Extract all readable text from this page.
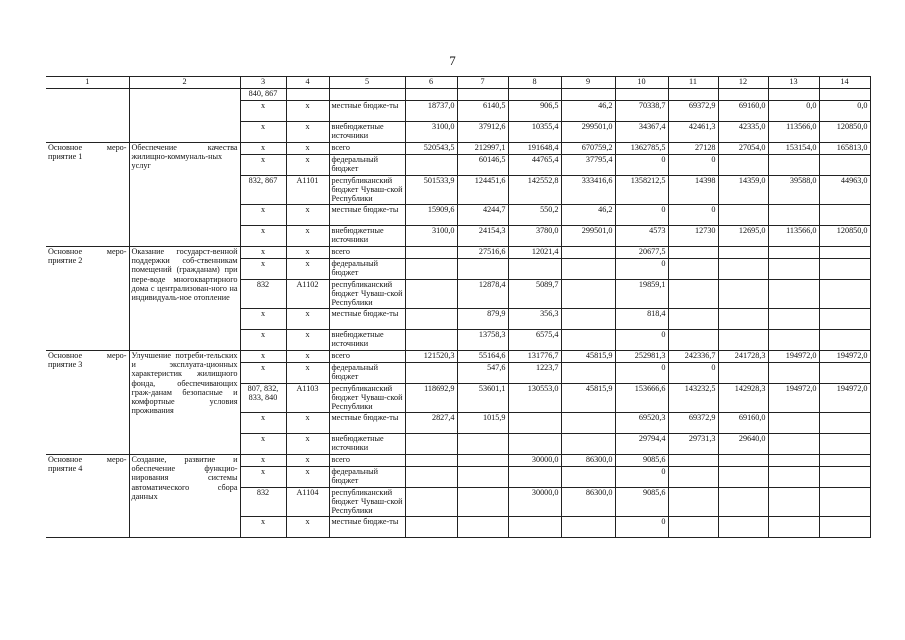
7
1	2	3	4	5	6	7	8	9	10	11	12	13	14
		840, 867											
		х	х	местные бюдже-ты	18737,0	6140,5	906,5	46,2	70338,7	69372,9	69160,0	0,0	0,0
		х	х	внебюджетные источники	3100,0	37912,6	10355,4	299501,0	34367,4	42461,3	42335,0	113566,0	120850,0
Основное меро-приятие 1	Обеспечение качества жилищно-коммуналь-ных услуг	х	х	всего	520543,5	212997,1	191648,4	670759,2	1362785,5	27128	27054,0	153154,0	165813,0
		х	х	федеральный бюджет		60146,5	44765,4	37795,4	0	0			
		832, 867	А1101	республиканский бюджет Чуваш-ской Республики	501533,9	124451,6	142552,8	333416,6	1358212,5	14398	14359,0	39588,0	44963,0
		х	х	местные бюдже-ты	15909,6	4244,7	550,2	46,2	0	0			
		х	х	внебюджетные источники	3100,0	24154,3	3780,0	299501,0	4573	12730	12695,0	113566,0	120850,0
Основное меро-приятие 2	Оказание государст-венной поддержки соб-ственникам помещений (гражданам) при пере-воде многоквартирного дома с централизован-ного на индивидуаль-ное отопление	х	х	всего		27516,6	12021,4		20677,5				
		х	х	федеральный бюджет					0				
		832	А1102	республиканский бюджет Чуваш-ской Республики		12878,4	5089,7		19859,1				
		х	х	местные бюдже-ты		879,9	356,3		818,4				
		х	х	внебюджетные источники		13758,3	6575,4		0				
Основное меро-приятие 3	Улучшение потреби-тельских и эксплуата-ционных характеристик жилищного фонда, обеспечивающих граж-данам безопасные и комфортные условия проживания	х	х	всего	121520,3	55164,6	131776,7	45815,9	252981,3	242336,7	241728,3	194972,0	194972,0
		х	х	федеральный бюджет		547,6	1223,7		0	0			
		807, 832, 833, 840	А1103	республиканский бюджет Чуваш-ской Республики	118692,9	53601,1	130553,0	45815,9	153666,6	143232,5	142928,3	194972,0	194972,0
		х	х	местные бюдже-ты	2827,4	1015,9			69520,3	69372,9	69160,0		
		х	х	внебюджетные источники					29794,4	29731,3	29640,0		
Основное меро-приятие 4	Создание, развитие и обеспечение функцио-нирования системы автоматического сбора данных	х	х	всего			30000,0	86300,0	9085,6				
		х	х	федеральный бюджет					0				
		832	А1104	республиканский бюджет Чуваш-ской Республики			30000,0	86300,0	9085,6				
		х	х	местные бюдже-ты					0				
